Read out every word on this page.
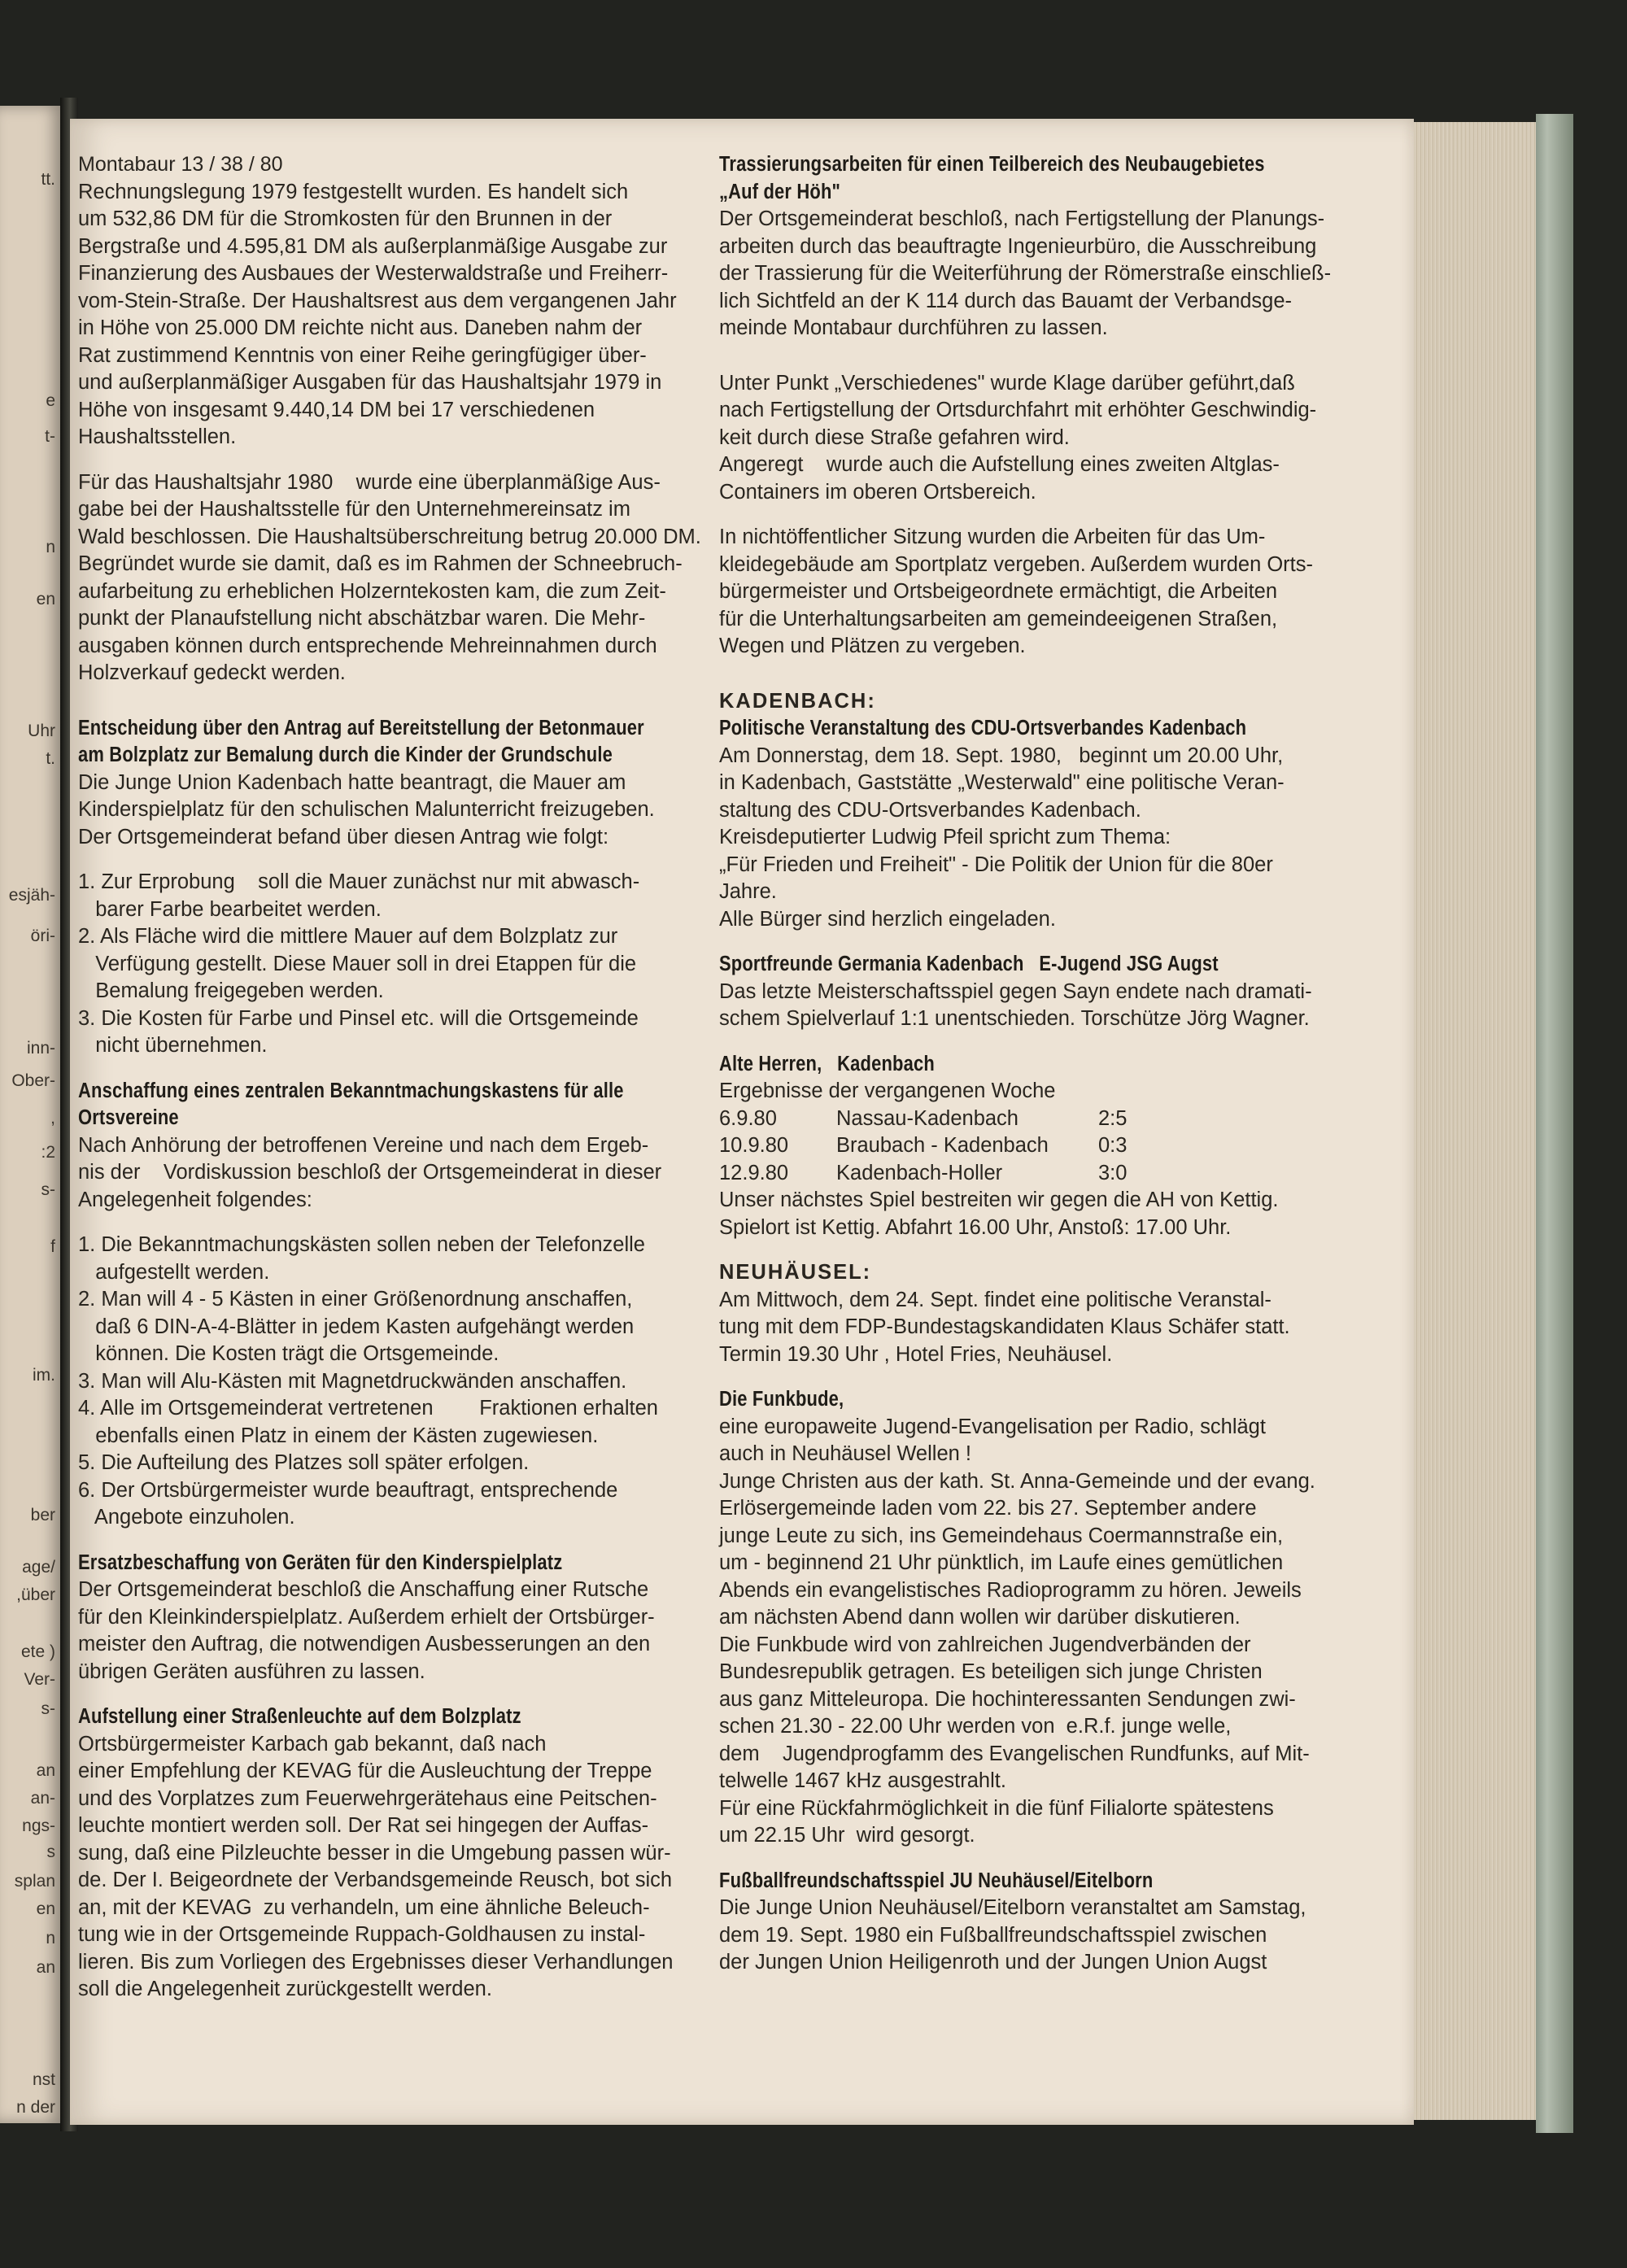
tt.
e
t-
n
en
Uhr
t.
esjäh-
öri-
inn-
Ober-
,
:2
s-
f
im.
ber
age/
,über
ete )
Ver-
s-
an
an-
ngs-
s
splan
en
n
an
nst
n der
Montabaur 13 / 38 / 80
Rechnungslegung 1979 festgestellt wurden. Es handelt sich
um 532,86 DM für die Stromkosten für den Brunnen in der
Bergstraße und 4.595,81 DM als außerplanmäßige Ausgabe zur
Finanzierung des Ausbaues der Westerwaldstraße und Freiherr-
vom-Stein-Straße. Der Haushaltsrest aus dem vergangenen Jahr
in Höhe von 25.000 DM reichte nicht aus. Daneben nahm der
Rat zustimmend Kenntnis von einer Reihe geringfügiger über-
und außerplanmäßiger Ausgaben für das Haushaltsjahr 1979 in
Höhe von insgesamt 9.440,14 DM bei 17 verschiedenen
Haushaltsstellen.
Für das Haushaltsjahr 1980    wurde eine überplanmäßige Aus-
gabe bei der Haushaltsstelle für den Unternehmereinsatz im
Wald beschlossen. Die Haushaltsüberschreitung betrug 20.000 DM.
Begründet wurde sie damit, daß es im Rahmen der Schneebruch-
aufarbeitung zu erheblichen Holzerntekosten kam, die zum Zeit-
punkt der Planaufstellung nicht abschätzbar waren. Die Mehr-
ausgaben können durch entsprechende Mehreinnahmen durch
Holzverkauf gedeckt werden.
Entscheidung über den Antrag auf Bereitstellung der Betonmauer
am Bolzplatz zur Bemalung durch die Kinder der Grundschule
Die Junge Union Kadenbach hatte beantragt, die Mauer am
Kinderspielplatz für den schulischen Malunterricht freizugeben.
Der Ortsgemeinderat befand über diesen Antrag wie folgt:
1. Zur Erprobung    soll die Mauer zunächst nur mit abwasch-
barer Farbe bearbeitet werden.
2. Als Fläche wird die mittlere Mauer auf dem Bolzplatz zur
Verfügung gestellt. Diese Mauer soll in drei Etappen für die
Bemalung freigegeben werden.
3. Die Kosten für Farbe und Pinsel etc. will die Ortsgemeinde
nicht übernehmen.
Anschaffung eines zentralen Bekanntmachungskastens für alle
Ortsvereine
Nach Anhörung der betroffenen Vereine und nach dem Ergeb-
nis der    Vordiskussion beschloß der Ortsgemeinderat in dieser
Angelegenheit folgendes:
1. Die Bekanntmachungskästen sollen neben der Telefonzelle
aufgestellt werden.
2. Man will 4 - 5 Kästen in einer Größenordnung anschaffen,
daß 6 DIN-A-4-Blätter in jedem Kasten aufgehängt werden
können. Die Kosten trägt die Ortsgemeinde.
3. Man will Alu-Kästen mit Magnetdruckwänden anschaffen.
4. Alle im Ortsgemeinderat vertretenen        Fraktionen erhalten
ebenfalls einen Platz in einem der Kästen zugewiesen.
5. Die Aufteilung des Platzes soll später erfolgen.
6. Der Ortsbürgermeister wurde beauftragt, entsprechende
Angebote einzuholen.
Ersatzbeschaffung von Geräten für den Kinderspielplatz
Der Ortsgemeinderat beschloß die Anschaffung einer Rutsche
für den Kleinkinderspielplatz. Außerdem erhielt der Ortsbürger-
meister den Auftrag, die notwendigen Ausbesserungen an den
übrigen Geräten ausführen zu lassen.
Aufstellung einer Straßenleuchte auf dem Bolzplatz
Ortsbürgermeister Karbach gab bekannt, daß nach
einer Empfehlung der KEVAG für die Ausleuchtung der Treppe
und des Vorplatzes zum Feuerwehrgerätehaus eine Peitschen-
leuchte montiert werden soll. Der Rat sei hingegen der Auffas-
sung, daß eine Pilzleuchte besser in die Umgebung passen wür-
de. Der I. Beigeordnete der Verbandsgemeinde Reusch, bot sich
an, mit der KEVAG  zu verhandeln, um eine ähnliche Beleuch-
tung wie in der Ortsgemeinde Ruppach-Goldhausen zu instal-
lieren. Bis zum Vorliegen des Ergebnisses dieser Verhandlungen
soll die Angelegenheit zurückgestellt werden.
Trassierungsarbeiten für einen Teilbereich des Neubaugebietes
„Auf der Höh"
Der Ortsgemeinderat beschloß, nach Fertigstellung der Planungs-
arbeiten durch das beauftragte Ingenieurbüro, die Ausschreibung
der Trassierung für die Weiterführung der Römerstraße einschließ-
lich Sichtfeld an der K 114 durch das Bauamt der Verbandsge-
meinde Montabaur durchführen zu lassen.
Unter Punkt „Verschiedenes" wurde Klage darüber geführt,daß
nach Fertigstellung der Ortsdurchfahrt mit erhöhter Geschwindig-
keit durch diese Straße gefahren wird.
Angeregt    wurde auch die Aufstellung eines zweiten Altglas-
Containers im oberen Ortsbereich.
In nichtöffentlicher Sitzung wurden die Arbeiten für das Um-
kleidegebäude am Sportplatz vergeben. Außerdem wurden Orts-
bürgermeister und Ortsbeigeordnete ermächtigt, die Arbeiten
für die Unterhaltungsarbeiten am gemeindeeigenen Straßen,
Wegen und Plätzen zu vergeben.
KADENBACH:
Politische Veranstaltung des CDU-Ortsverbandes Kadenbach
Am Donnerstag, dem 18. Sept. 1980,   beginnt um 20.00 Uhr,
in Kadenbach, Gaststätte „Westerwald" eine politische Veran-
staltung des CDU-Ortsverbandes Kadenbach.
Kreisdeputierter Ludwig Pfeil spricht zum Thema:
„Für Frieden und Freiheit" - Die Politik der Union für die 80er
Jahre.
Alle Bürger sind herzlich eingeladen.
Sportfreunde Germania Kadenbach   E-Jugend JSG Augst
Das letzte Meisterschaftsspiel gegen Sayn endete nach dramati-
schem Spielverlauf 1:1 unentschieden. Torschütze Jörg Wagner.
Alte Herren,   Kadenbach
Ergebnisse der vergangenen Woche
6.9.80	Nassau-Kadenbach	2:5
10.9.80 Braubach - Kadenbach 0:3
12.9.80 Kadenbach-Holler	3:0
Unser nächstes Spiel bestreiten wir gegen die AH von Kettig.
Spielort ist Kettig. Abfahrt 16.00 Uhr, Anstoß: 17.00 Uhr.
NEUHÄUSEL:
Am Mittwoch, dem 24. Sept. findet eine politische Veranstal-
tung mit dem FDP-Bundestagskandidaten Klaus Schäfer statt.
Termin 19.30 Uhr , Hotel Fries, Neuhäusel.
Die Funkbude,
eine europaweite Jugend-Evangelisation per Radio, schlägt
auch in Neuhäusel Wellen !
Junge Christen aus der kath. St. Anna-Gemeinde und der evang.
Erlösergemeinde laden vom 22. bis 27. September andere
junge Leute zu sich, ins Gemeindehaus Coermannstraße ein,
um - beginnend 21 Uhr pünktlich, im Laufe eines gemütlichen
Abends ein evangelistisches Radioprogramm zu hören. Jeweils
am nächsten Abend dann wollen wir darüber diskutieren.
Die Funkbude wird von zahlreichen Jugendverbänden der
Bundesrepublik getragen. Es beteiligen sich junge Christen
aus ganz Mitteleuropa. Die hochinteressanten Sendungen zwi-
schen 21.30 - 22.00 Uhr werden von  e.R.f. junge welle,
dem    Jugendprogfamm des Evangelischen Rundfunks, auf Mit-
telwelle 1467 kHz ausgestrahlt.
Für eine Rückfahrmöglichkeit in die fünf Filialorte spätestens
um 22.15 Uhr  wird gesorgt.
Fußballfreundschaftsspiel JU Neuhäusel/Eitelborn
Die Junge Union Neuhäusel/Eitelborn veranstaltet am Samstag,
dem 19. Sept. 1980 ein Fußballfreundschaftsspiel zwischen
der Jungen Union Heiligenroth und der Jungen Union Augst
